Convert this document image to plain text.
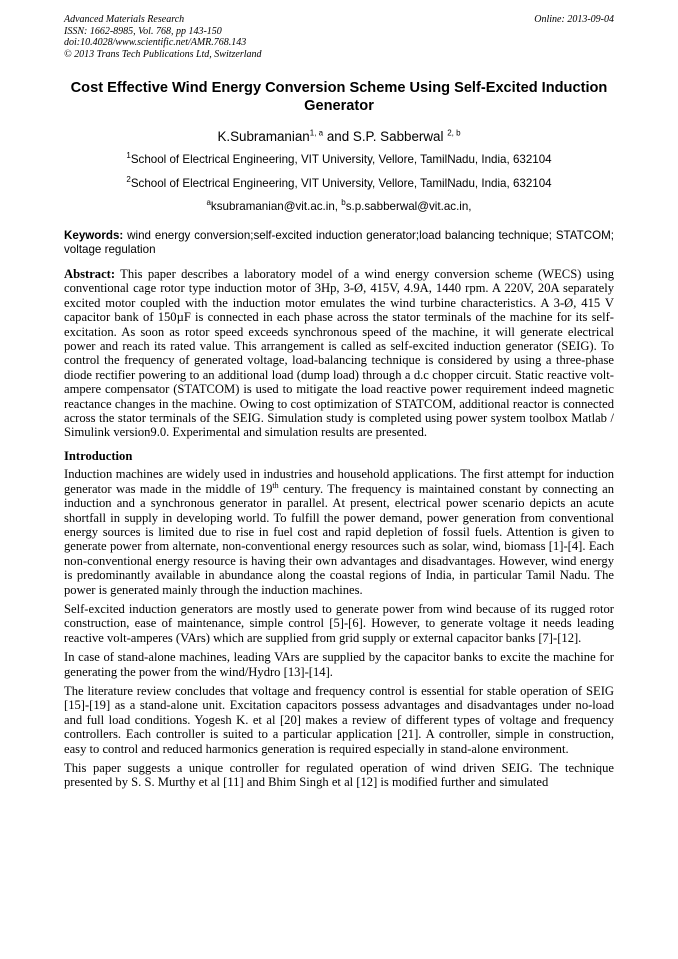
Advanced Materials Research
ISSN: 1662-8985, Vol. 768, pp 143-150
doi:10.4028/www.scientific.net/AMR.768.143
© 2013 Trans Tech Publications Ltd, Switzerland
Online: 2013-09-04
Cost Effective Wind Energy Conversion Scheme Using Self-Excited Induction Generator
K.Subramanian$^{1, a}$ and S.P. Sabberwal $^{2, b}$
$^1$School of Electrical Engineering, VIT University, Vellore, TamilNadu, India, 632104
$^2$School of Electrical Engineering, VIT University, Vellore, TamilNadu, India, 632104
$^a$ksubramanian@vit.ac.in, $^b$s.p.sabberwal@vit.ac.in,
Keywords: wind energy conversion;self-excited induction generator;load balancing technique; STATCOM; voltage regulation
Abstract: This paper describes a laboratory model of a wind energy conversion scheme (WECS) using conventional cage rotor type induction motor of 3Hp, 3-Ø, 415V, 4.9A, 1440 rpm. A 220V, 20A separately excited motor coupled with the induction motor emulates the wind turbine characteristics. A 3-Ø, 415 V capacitor bank of 150µF is connected in each phase across the stator terminals of the machine for its self-excitation. As soon as rotor speed exceeds synchronous speed of the machine, it will generate electrical power and reach its rated value. This arrangement is called as self-excited induction generator (SEIG). To control the frequency of generated voltage, load-balancing technique is considered by using a three-phase diode rectifier powering to an additional load (dump load) through a d.c chopper circuit. Static reactive volt-ampere compensator (STATCOM) is used to mitigate the load reactive power requirement indeed magnetic reactance changes in the machine. Owing to cost optimization of STATCOM, additional reactor is connected across the stator terminals of the SEIG. Simulation study is completed using power system toolbox Matlab / Simulink version9.0. Experimental and simulation results are presented.
Introduction

Induction machines are widely used in industries and household applications. The first attempt for induction generator was made in the middle of 19th century. The frequency is maintained constant by connecting an induction and a synchronous generator in parallel. At present, electrical power scenario depicts an acute shortfall in supply in developing world. To fulfill the power demand, power generation from conventional energy sources is limited due to rise in fuel cost and rapid depletion of fossil fuels. Attention is given to generate power from alternate, non-conventional energy resources such as solar, wind, biomass [1]-[4]. Each non-conventional energy resource is having their own advantages and disadvantages. However, wind energy is predominantly available in abundance along the coastal regions of India, in particular Tamil Nadu. The power is generated mainly through the induction machines.

Self-excited induction generators are mostly used to generate power from wind because of its rugged rotor construction, ease of maintenance, simple control [5]-[6]. However, to generate voltage it needs leading reactive volt-amperes (VArs) which are supplied from grid supply or external capacitor banks [7]-[12].

In case of stand-alone machines, leading VArs are supplied by the capacitor banks to excite the machine for generating the power from the wind/Hydro [13]-[14].

The literature review concludes that voltage and frequency control is essential for stable operation of SEIG [15]-[19] as a stand-alone unit. Excitation capacitors possess advantages and disadvantages under no-load and full load conditions. Yogesh K. et al [20] makes a review of different types of voltage and frequency controllers. Each controller is suited to a particular application [21]. A controller, simple in construction, easy to control and reduced harmonics generation is required especially in stand-alone environment.

This paper suggests a unique controller for regulated operation of wind driven SEIG. The technique presented by S. S. Murthy et al [11] and Bhim Singh et al [12] is modified further and simulated
